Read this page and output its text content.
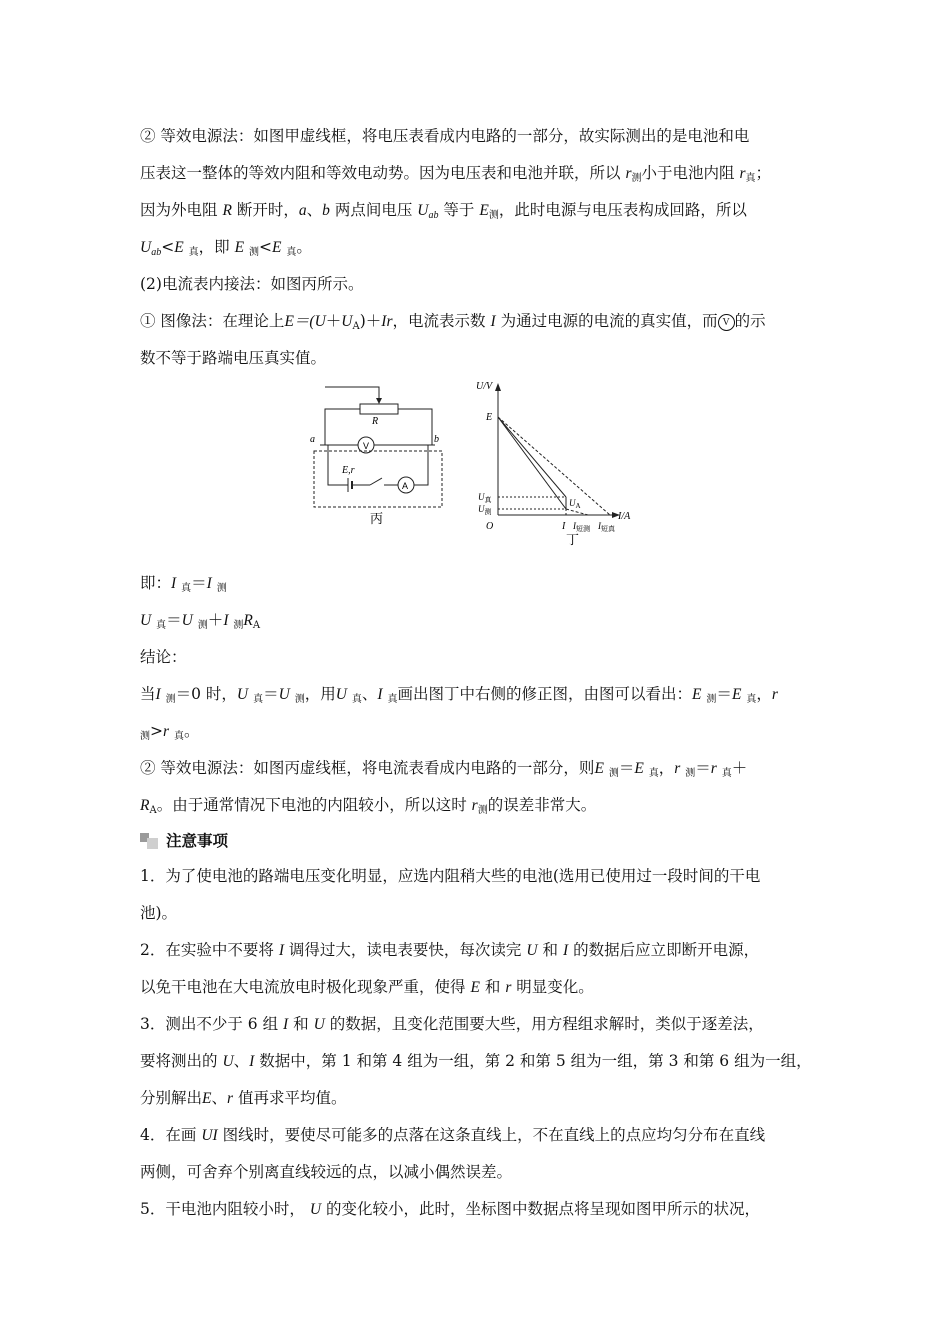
② 等效电源法：如图甲虚线框，将电压表看成内电路的一部分，故实际测出的是电池和电

压表这一整体的等效内阻和等效电动势。因为电压表和电池并联，所以 $r_测$小于电池内阻 $r_真$；

因为外电阻 R 断开时，a、b 两点间电压 $U_{ab}$ 等于 $E_测$，此时电源与电压表构成回路，所以

$U_{ab}<E$ $_真$，即 E $_测$<E $_真$。

(2)电流表内接法：如图丙所示。

① 图像法：在理论上$E=(U+U_A)+Ir$，电流表示数 I 为通过电源的电流的真实值，而 V 的示

数不等于路端电压真实值。

R
a	b
V
A
E,r
丙
U/V
I/A
O
E
$U_真$
$U_测$
$U_A$
I $I_{短测}$ $I_{短真}$
丁

即：I $_真$＝I $_测$

U $_真$＝U $_测$＋I $_测R_A$

结论：

当I $_测$＝0 时，U $_真$＝U $_测$，用U $_真$、I $_真$画出图丁中右侧的修正图，由图可以看出：E $_测$＝E $_真$，r

$_测$>r $_真$。

② 等效电源法：如图丙虚线框，将电流表看成内电路的一部分，则E $_测$＝E $_真$，r $_测$＝r $_真$＋

$R_A$。由于通常情况下电池的内阻较小，所以这时 $r_测$的误差非常大。

注意事项

1．为了使电池的路端电压变化明显，应选内阻稍大些的电池(选用已使用过一段时间的干电

池)。

2．在实验中不要将 I 调得过大，读电表要快，每次读完 U 和 I 的数据后应立即断开电源，

以免干电池在大电流放电时极化现象严重，使得 E 和 r 明显变化。

3．测出不少于 6 组 I 和 U 的数据，且变化范围要大些，用方程组求解时，类似于逐差法，

要将测出的 U、I 数据中，第 1 和第 4 组为一组，第 2 和第 5 组为一组，第 3 和第 6 组为一组，

分别解出E、r 值再求平均值。

4．在画 UI 图线时，要使尽可能多的点落在这条直线上，不在直线上的点应均匀分布在直线

两侧，可舍弃个别离直线较远的点，以减小偶然误差。

5．干电池内阻较小时， U 的变化较小，此时，坐标图中数据点将呈现如图甲所示的状况，
